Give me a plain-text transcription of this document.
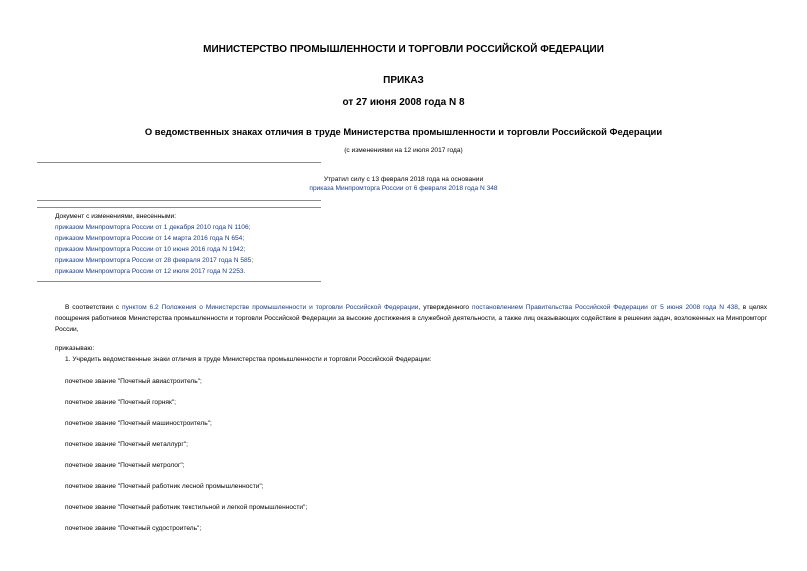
МИНИСТЕРСТВО ПРОМЫШЛЕННОСТИ И ТОРГОВЛИ РОССИЙСКОЙ ФЕДЕРАЦИИ
ПРИКАЗ
от 27 июня 2008 года N 8
О ведомственных знаках отличия в труде Министерства промышленности и торговли Российской Федерации
(с изменениями на 12 июля 2017 года)
Утратил силу с 13 февраля 2018 года на основании
приказа Минпромторга России от 6 февраля 2018 года N 348
Документ с изменениями, внесенными:
приказом Минпромторга России от 1 декабря 2010 года N 1106;
приказом Минпромторга России от 14 марта 2016 года N 654;
приказом Минпромторга России от 10 июня 2016 года N 1942;
приказом Минпромторга России от 28 февраля 2017 года N 585;
приказом Минпромторга России от 12 июля 2017 года N 2253.
В соответствии с пунктом 6.2 Положения о Министерстве промышленности и торговли Российской Федерации, утвержденного постановлением Правительства Российской Федерации от 5 июня 2008 года N 438, в целях поощрения работников Министерства промышленности и торговли Российской Федерации за высокие достижения в служебной деятельности, а также лиц оказывающих содействие в решении задач, возложенных на Минпромторг России,
приказываю:
1. Учредить ведомственные знаки отличия в труде Министерства промышленности и торговли Российской Федерации:
почетное звание "Почетный авиастроитель";
почетное звание "Почетный горняк";
почетное звание "Почетный машиностроитель";
почетное звание "Почетный металлург";
почетное звание "Почетный метролог";
почетное звание "Почетный работник лесной промышленности";
почетное звание "Почетный работник текстильной и легкой промышленности";
почетное звание "Почетный судостроитель";
